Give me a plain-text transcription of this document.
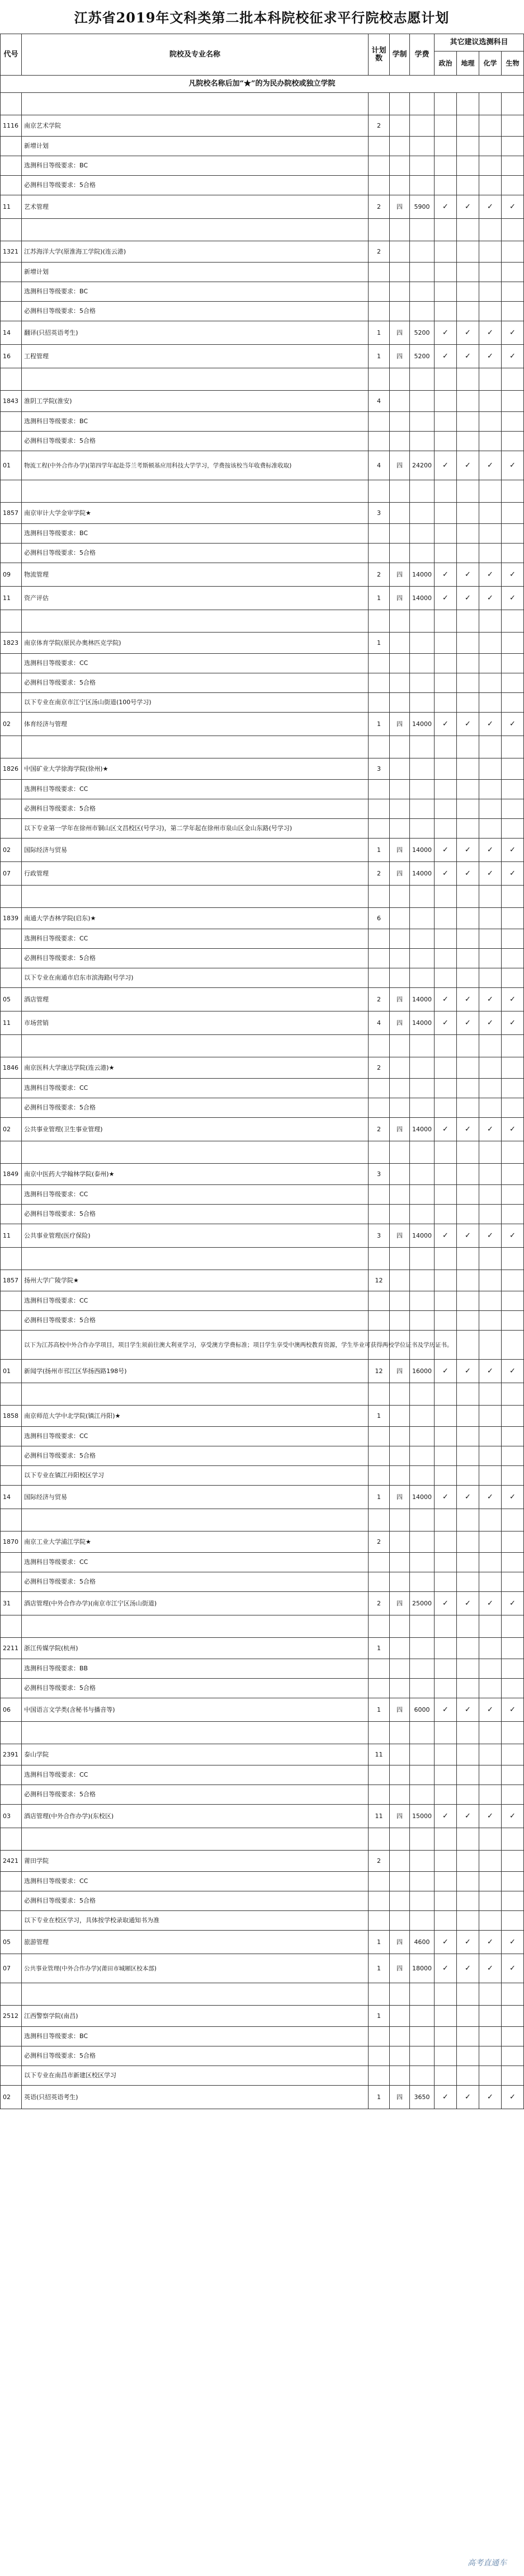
江苏省2019年文科类第二批本科院校征求平行院校志愿计划
代号	院校及专业名称	计划数	学制	学费	其它建议选测科目			
					政治	地理	化学	生物
凡院校名称后加“★”的为民办院校或独立学院								

1116	南京艺术学院	2						
	新增计划							
	选测科目等级要求：BC							
	必测科目等级要求：5合格							
11	艺术管理	2	四	5900	✓	✓	✓	✓

1321	江苏海洋大学(原淮海工学院)(连云港)	2						
	新增计划							
	选测科目等级要求：BC							
	必测科目等级要求：5合格							
14	翻译(只招英语考生)	1	四	5200	✓	✓	✓	✓
16	工程管理	1	四	5200	✓	✓	✓	✓

1843	淮阴工学院(淮安)	4						
	选测科目等级要求：BC							
	必测科目等级要求：5合格							
01	物流工程(中外合作办学)(第四学年起赴芬兰考斯顿基应用科技大学学习，学费按该校当年收费标准收取)	4	四	24200	✓	✓	✓	✓

1857	南京审计大学金审学院★	3						
	选测科目等级要求：BC							
	必测科目等级要求：5合格							
09	物流管理	2	四	14000	✓	✓	✓	✓
11	资产评估	1	四	14000	✓	✓	✓	✓

1823	南京体育学院(原民办奥林匹克学院)	1						
	选测科目等级要求：CC							
	必测科目等级要求：5合格							
	以下专业在南京市江宁区汤山街道(100号学习)							
02	体育经济与管理	1	四	14000	✓	✓	✓	✓

1826	中国矿业大学徐海学院(徐州)★	3						
	选测科目等级要求：CC							
	必测科目等级要求：5合格							
	以下专业第一学年在徐州市铜山区文昌校区(号学习)，第二学年起在徐州市泉山区金山东路(号学习)							
02	国际经济与贸易	1	四	14000	✓	✓	✓	✓
07	行政管理	2	四	14000	✓	✓	✓	✓

1839	南通大学杏林学院(启东)★	6						
	选测科目等级要求：CC							
	必测科目等级要求：5合格							
	以下专业在南通市启东市滨海路(号学习)							
05	酒店管理	2	四	14000	✓	✓	✓	✓
11	市场营销	4	四	14000	✓	✓	✓	✓

1846	南京医科大学康达学院(连云港)★	2						
	选测科目等级要求：CC							
	必测科目等级要求：5合格							
02	公共事业管理(卫生事业管理)	2	四	14000	✓	✓	✓	✓

1849	南京中医药大学翰林学院(泰州)★	3						
	选测科目等级要求：CC							
	必测科目等级要求：5合格							
11	公共事业管理(医疗保险)	3	四	14000	✓	✓	✓	✓

1857	扬州大学广陵学院★	12						
	选测科目等级要求：CC							
	必测科目等级要求：5合格							
	以下为江苏高校中外合作办学项目，项目学生须前往澳大利亚学习，享受澳方学费标准；项目学生享受中澳两校教育资源，学生毕业可获得两校学位证书及学历证书。							
01	新闻学(扬州市邗江区华扬西路198号)	12	四	16000	✓	✓	✓	✓

1858	南京师范大学中北学院(镇江丹阳)★	1						
	选测科目等级要求：CC							
	必测科目等级要求：5合格							
	以下专业在镇江丹阳校区学习							
14	国际经济与贸易	1	四	14000	✓	✓	✓	✓

1870	南京工业大学浦江学院★	2						
	选测科目等级要求：CC							
	必测科目等级要求：5合格							
31	酒店管理(中外合作办学)(南京市江宁区汤山街道)	2	四	25000	✓	✓	✓	✓

2211	浙江传媒学院(杭州)	1						
	选测科目等级要求：BB							
	必测科目等级要求：5合格							
06	中国语言文学类(含秘书与播音等)	1	四	6000	✓	✓	✓	✓

2391	泰山学院	11						
	选测科目等级要求：CC							
	必测科目等级要求：5合格							
03	酒店管理(中外合作办学)(东校区)	11	四	15000	✓	✓	✓	✓

2421	莆田学院	2						
	选测科目等级要求：CC							
	必测科目等级要求：5合格							
	以下专业在校区学习，具体按学校录取通知书为准							
05	旅游管理	1	四	4600	✓	✓	✓	✓
07	公共事业管理(中外合作办学)(莆田市城厢区校本部)	1	四	18000	✓	✓	✓	✓

2512	江西警察学院(南昌)	1						
	选测科目等级要求：BC							
	必测科目等级要求：5合格							
	以下专业在南昌市新建区校区学习							
02	英语(只招英语考生)	1	四	3650	✓	✓	✓	✓
高考直通车
